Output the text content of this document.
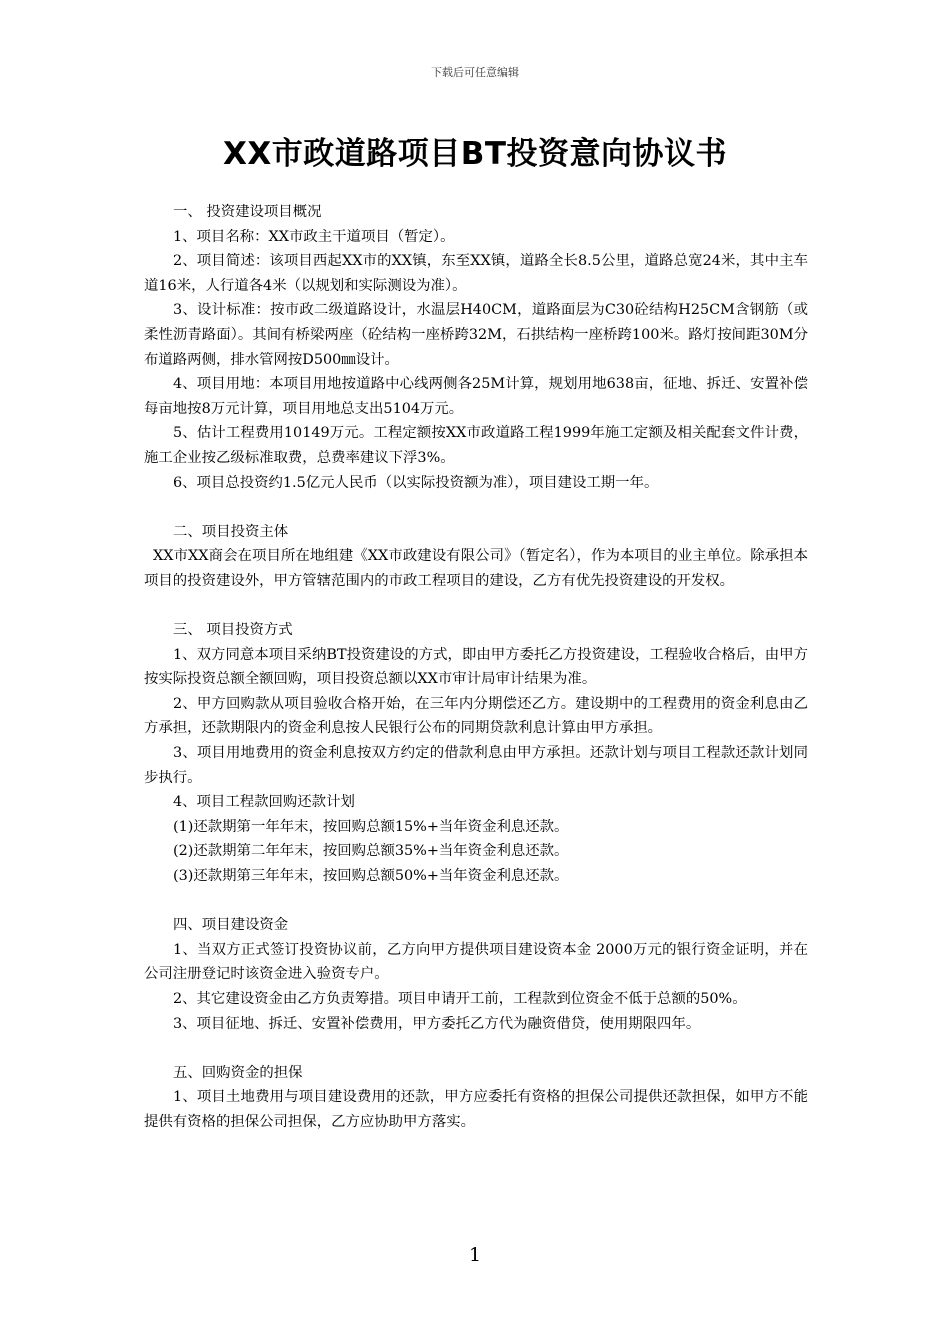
下载后可任意编辑
XX市政道路项目BT投资意向协议书

一、 投资建设项目概况

1、项目名称：XX市政主干道项目（暂定）。

2、项目简述：该项目西起XX市的XX镇，东至XX镇，道路全长8.5公里，道路总宽24米，其中主车道16米，人行道各4米（以规划和实际测设为准）。

3、设计标准：按市政二级道路设计，水温层H40CM，道路面层为C30砼结构H25CM含钢筋（或柔性沥青路面）。其间有桥梁两座（砼结构一座桥跨32M，石拱结构一座桥跨100米。路灯按间距30M分布道路两侧，排水管网按D500㎜设计。

4、项目用地：本项目用地按道路中心线两侧各25M计算，规划用地638亩，征地、拆迁、安置补偿每亩地按8万元计算，项目用地总支出5104万元。

5、估计工程费用10149万元。工程定额按XX市政道路工程1999年施工定额及相关配套文件计费，施工企业按乙级标准取费，总费率建议下浮3%。

6、项目总投资约1.5亿元人民币（以实际投资额为准），项目建设工期一年。

二、项目投资主体

XX市XX商会在项目所在地组建《XX市政建设有限公司》（暂定名），作为本项目的业主单位。除承担本项目的投资建设外，甲方管辖范围内的市政工程项目的建设，乙方有优先投资建设的开发权。

三、 项目投资方式

1、双方同意本项目采纳BT投资建设的方式，即由甲方委托乙方投资建设，工程验收合格后，由甲方按实际投资总额全额回购，项目投资总额以XX市审计局审计结果为准。

2、甲方回购款从项目验收合格开始，在三年内分期偿还乙方。建设期中的工程费用的资金利息由乙方承担，还款期限内的资金利息按人民银行公布的同期贷款利息计算由甲方承担。

3、项目用地费用的资金利息按双方约定的借款利息由甲方承担。还款计划与项目工程款还款计划同步执行。

4、项目工程款回购还款计划

(1)还款期第一年年末，按回购总额15%+当年资金利息还款。

(2)还款期第二年年末，按回购总额35%+当年资金利息还款。

(3)还款期第三年年末，按回购总额50%+当年资金利息还款。

四、项目建设资金

1、当双方正式签订投资协议前，乙方向甲方提供项目建设资本金 2000万元的银行资金证明，并在公司注册登记时该资金进入验资专户。

2、其它建设资金由乙方负责筹措。项目申请开工前，工程款到位资金不低于总额的50%。

3、项目征地、拆迁、安置补偿费用，甲方委托乙方代为融资借贷，使用期限四年。

五、回购资金的担保

1、项目土地费用与项目建设费用的还款，甲方应委托有资格的担保公司提供还款担保，如甲方不能提供有资格的担保公司担保，乙方应协助甲方落实。

1
